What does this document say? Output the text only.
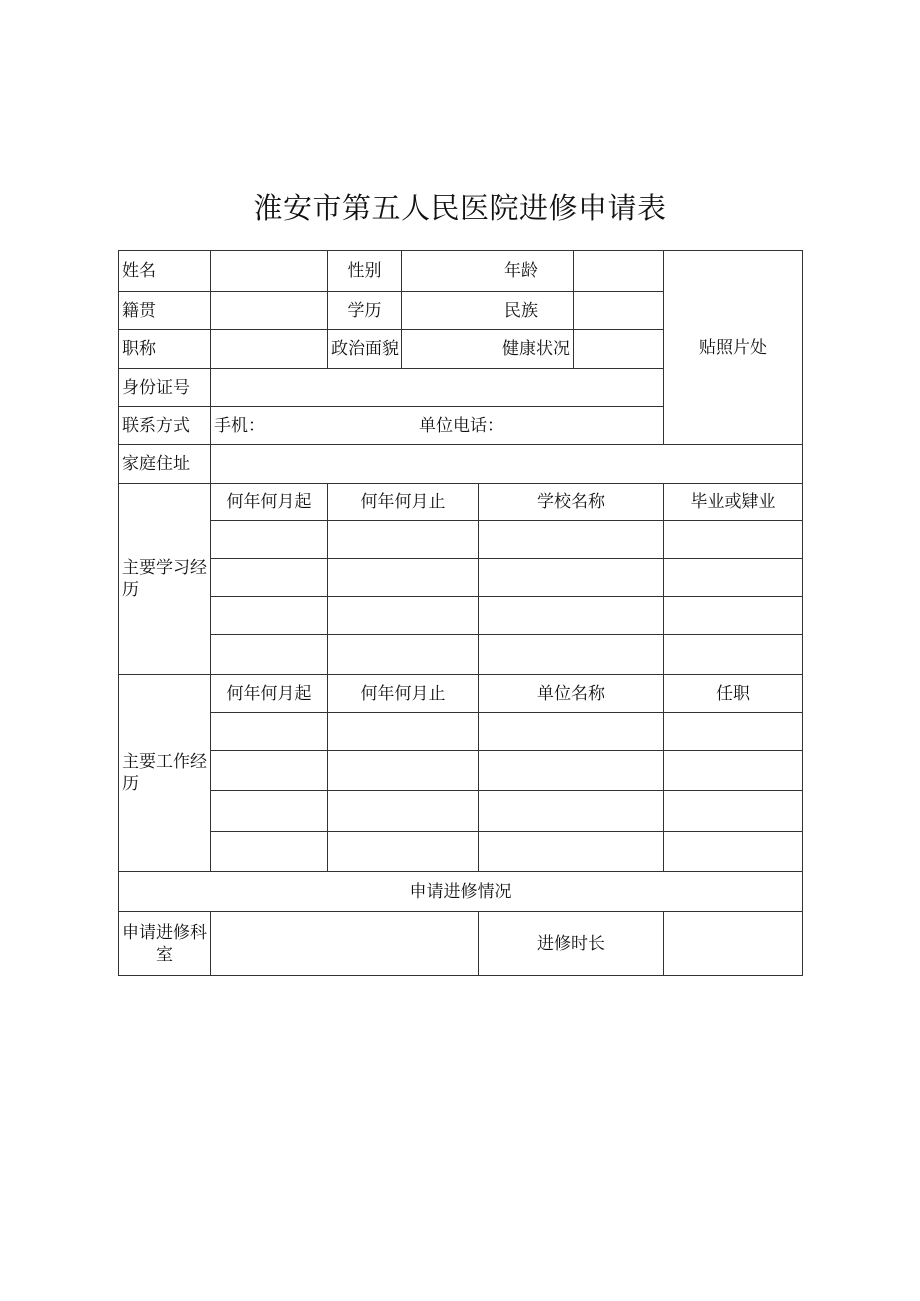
淮安市第五人民医院进修申请表
姓名		性别	年龄			贴照片处
籍贯		学历	民族			
职称		政治面貌	健康状况			
身份证号						
联系方式	手机： 单位电话：					
家庭住址						
主要学习经历	何年何月起	何年何月止		学校名称		毕业或肄业

主要工作经历	何年何月起	何年何月止		单位名称		任职

申请进修情况						
申请进修科室				进修时长		
